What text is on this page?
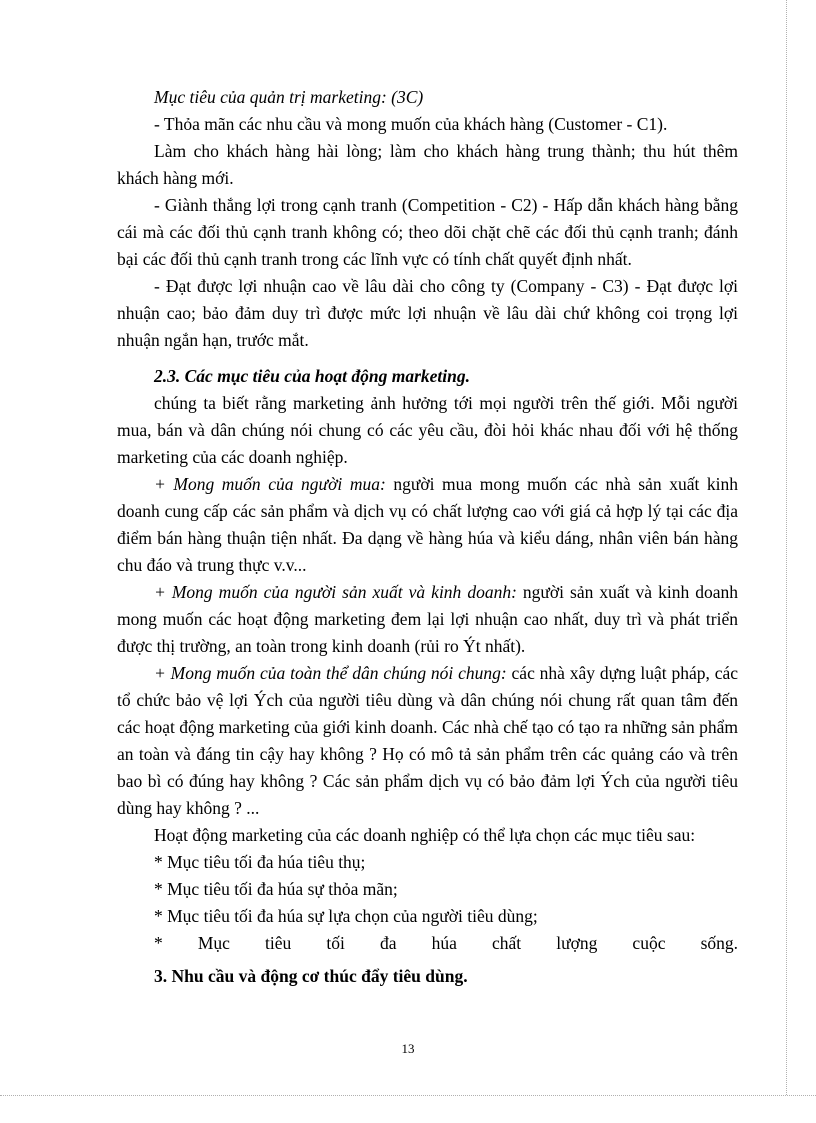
Mục tiêu của quản trị marketing: (3C)

- Thỏa mãn các nhu cầu và mong muốn của khách hàng (Customer - C1).

Làm cho khách hàng hài lòng; làm cho khách hàng trung thành; thu hút thêm khách hàng mới.

- Giành thắng lợi trong cạnh tranh (Competition - C2) - Hấp dẫn khách hàng bằng cái mà các đối thủ cạnh tranh không có; theo dõi chặt chẽ các đối thủ cạnh tranh; đánh bại các đối thủ cạnh tranh trong các lĩnh vực có tính chất quyết định nhất.

- Đạt được lợi nhuận cao về lâu dài cho công ty (Company - C3) - Đạt được lợi nhuận cao; bảo đảm duy trì được mức lợi nhuận về lâu dài chứ không coi trọng lợi nhuận ngắn hạn, trước mắt.

2.3. Các mục tiêu của hoạt động marketing.

chúng ta biết rằng marketing ảnh hưởng tới mọi người trên thế giới. Mỗi người mua, bán và dân chúng nói chung có các yêu cầu, đòi hỏi khác nhau đối với hệ thống marketing của các doanh nghiệp.

+ Mong muốn của người mua: người mua mong muốn các nhà sản xuất kinh doanh cung cấp các sản phẩm và dịch vụ có chất lượng cao với giá cả hợp lý tại các địa điểm bán hàng thuận tiện nhất. Đa dạng về hàng húa và kiểu dáng, nhân viên bán hàng chu đáo và trung thực v.v...

+ Mong muốn của người sản xuất và kinh doanh: người sản xuất và kinh doanh mong muốn các hoạt động marketing đem lại lợi nhuận cao nhất, duy trì và phát triển được thị trường, an toàn trong kinh doanh (rủi ro Ýt nhất).

+ Mong muốn của toàn thể dân chúng nói chung: các nhà xây dựng luật pháp, các tổ chức bảo vệ lợi Ých của người tiêu dùng và dân chúng nói chung rất quan tâm đến các hoạt động marketing của giới kinh doanh. Các nhà chế tạo có tạo ra những sản phẩm an toàn và đáng tin cậy hay không ? Họ có mô tả sản phẩm trên các quảng cáo và trên bao bì có đúng hay không ? Các sản phẩm dịch vụ có bảo đảm lợi Ých của người tiêu dùng hay không ? ...

Hoạt động marketing của các doanh nghiệp có thể lựa chọn các mục tiêu sau:

* Mục tiêu tối đa húa tiêu thụ;

* Mục tiêu tối đa húa sự thỏa mãn;

* Mục tiêu tối đa húa sự lựa chọn của người tiêu dùng;

* Mục tiêu tối đa húa chất lượng cuộc sống.

3. Nhu cầu và động cơ thúc đẩy tiêu dùng.

13
